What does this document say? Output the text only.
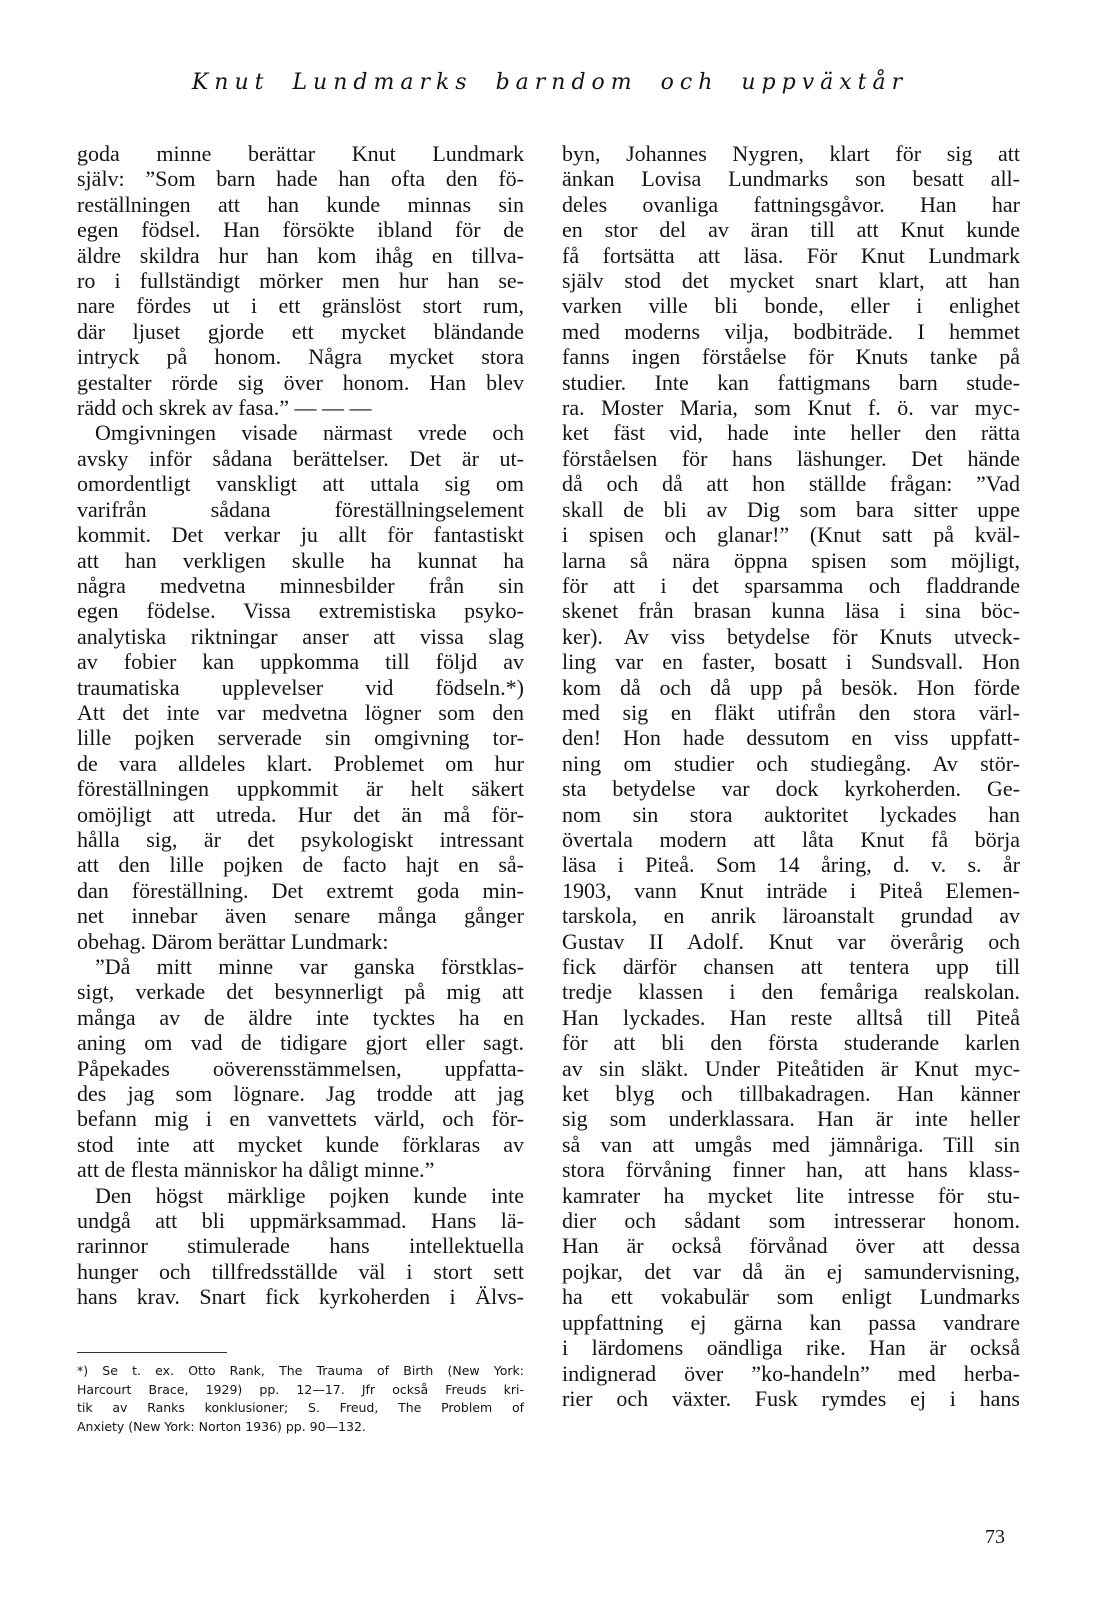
Knut Lundmarks barndom och uppväxtår
goda minne berättar Knut Lundmark
själv: ”Som barn hade han ofta den fö-
reställningen att han kunde minnas sin
egen födsel. Han försökte ibland för de
äldre skildra hur han kom ihåg en tillva-
ro i fullständigt mörker men hur han se-
nare fördes ut i ett gränslöst stort rum,
där ljuset gjorde ett mycket bländande
intryck på honom. Några mycket stora
gestalter rörde sig över honom. Han blev
rädd och skrek av fasa.” — — —
Omgivningen visade närmast vrede och
avsky inför sådana berättelser. Det är ut-
omordentligt vanskligt att uttala sig om
varifrån sådana föreställningselement
kommit. Det verkar ju allt för fantastiskt
att han verkligen skulle ha kunnat ha
några medvetna minnesbilder från sin
egen födelse. Vissa extremistiska psyko-
analytiska riktningar anser att vissa slag
av fobier kan uppkomma till följd av
traumatiska upplevelser vid födseln.*)
Att det inte var medvetna lögner som den
lille pojken serverade sin omgivning tor-
de vara alldeles klart. Problemet om hur
föreställningen uppkommit är helt säkert
omöjligt att utreda. Hur det än må för-
hålla sig, är det psykologiskt intressant
att den lille pojken de facto hajt en så-
dan föreställning. Det extremt goda min-
net innebar även senare många gånger
obehag. Därom berättar Lundmark:
”Då mitt minne var ganska förstklas-
sigt, verkade det besynnerligt på mig att
många av de äldre inte tycktes ha en
aning om vad de tidigare gjort eller sagt.
Påpekades oöverensstämmelsen, uppfatta-
des jag som lögnare. Jag trodde att jag
befann mig i en vanvettets värld, och för-
stod inte att mycket kunde förklaras av
att de flesta människor ha dåligt minne.”
Den högst märklige pojken kunde inte
undgå att bli uppmärksammad. Hans lä-
rarinnor stimulerade hans intellektuella
hunger och tillfredsställde väl i stort sett
hans krav. Snart fick kyrkoherden i Älvs-
byn, Johannes Nygren, klart för sig att
änkan Lovisa Lundmarks son besatt all-
deles ovanliga fattningsgåvor. Han har
en stor del av äran till att Knut kunde
få fortsätta att läsa. För Knut Lundmark
själv stod det mycket snart klart, att han
varken ville bli bonde, eller i enlighet
med moderns vilja, bodbiträde. I hemmet
fanns ingen förståelse för Knuts tanke på
studier. Inte kan fattigmans barn stude-
ra. Moster Maria, som Knut f. ö. var myc-
ket fäst vid, hade inte heller den rätta
förståelsen för hans läshunger. Det hände
då och då att hon ställde frågan: ”Vad
skall de bli av Dig som bara sitter uppe
i spisen och glanar!” (Knut satt på kväl-
larna så nära öppna spisen som möjligt,
för att i det sparsamma och fladdrande
skenet från brasan kunna läsa i sina böc-
ker). Av viss betydelse för Knuts utveck-
ling var en faster, bosatt i Sundsvall. Hon
kom då och då upp på besök. Hon förde
med sig en fläkt utifrån den stora värl-
den! Hon hade dessutom en viss uppfatt-
ning om studier och studiegång. Av stör-
sta betydelse var dock kyrkoherden. Ge-
nom sin stora auktoritet lyckades han
övertala modern att låta Knut få börja
läsa i Piteå. Som 14 åring, d. v. s. år
1903, vann Knut inträde i Piteå Elemen-
tarskola, en anrik läroanstalt grundad av
Gustav II Adolf. Knut var överårig och
fick därför chansen att tentera upp till
tredje klassen i den femåriga realskolan.
Han lyckades. Han reste alltså till Piteå
för att bli den första studerande karlen
av sin släkt. Under Piteåtiden är Knut myc-
ket blyg och tillbakadragen. Han känner
sig som underklassara. Han är inte heller
så van att umgås med jämnåriga. Till sin
stora förvåning finner han, att hans klass-
kamrater ha mycket lite intresse för stu-
dier och sådant som intresserar honom.
Han är också förvånad över att dessa
pojkar, det var då än ej samundervisning,
ha ett vokabulär som enligt Lundmarks
uppfattning ej gärna kan passa vandrare
i lärdomens oändliga rike. Han är också
indignerad över ”ko-handeln” med herba-
rier och växter. Fusk rymdes ej i hans
*) Se t. ex. Otto Rank, The Trauma of Birth (New York:
Harcourt Brace, 1929) pp. 12—17. Jfr också Freuds kri-
tik av Ranks konklusioner; S. Freud, The Problem of
Anxiety (New York: Norton 1936) pp. 90—132.
73
